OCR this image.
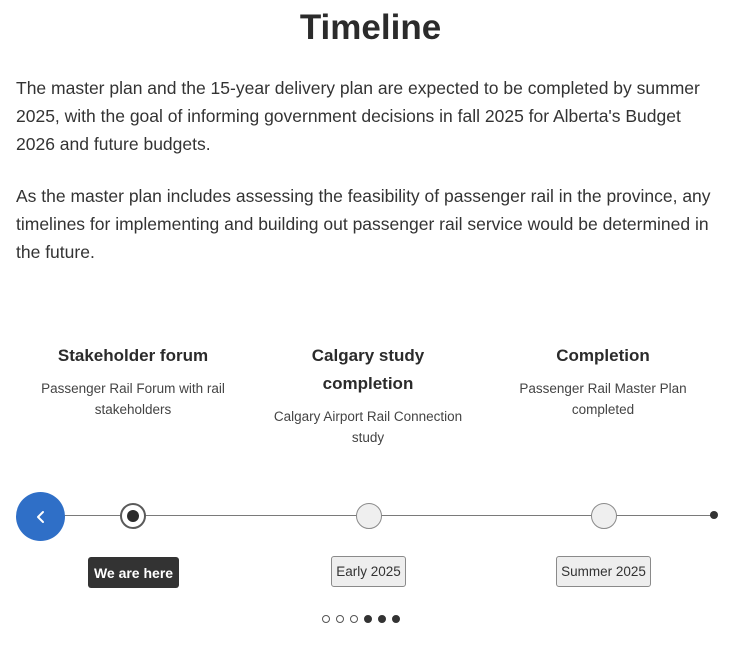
Timeline

The master plan and the 15-year delivery plan are expected to be completed by summer 2025, with the goal of informing government decisions in fall 2025 for Alberta's Budget 2026 and future budgets.

As the master plan includes assessing the feasibility of passenger rail in the province, any timelines for implementing and building out passenger rail service would be determined in the future.

Stakeholder forum
Passenger Rail Forum with rail stakeholders
Calgary study completion
Calgary Airport Rail Connection study
Completion
Passenger Rail Master Plan completed
We are here	Early 2025	Summer 2025
